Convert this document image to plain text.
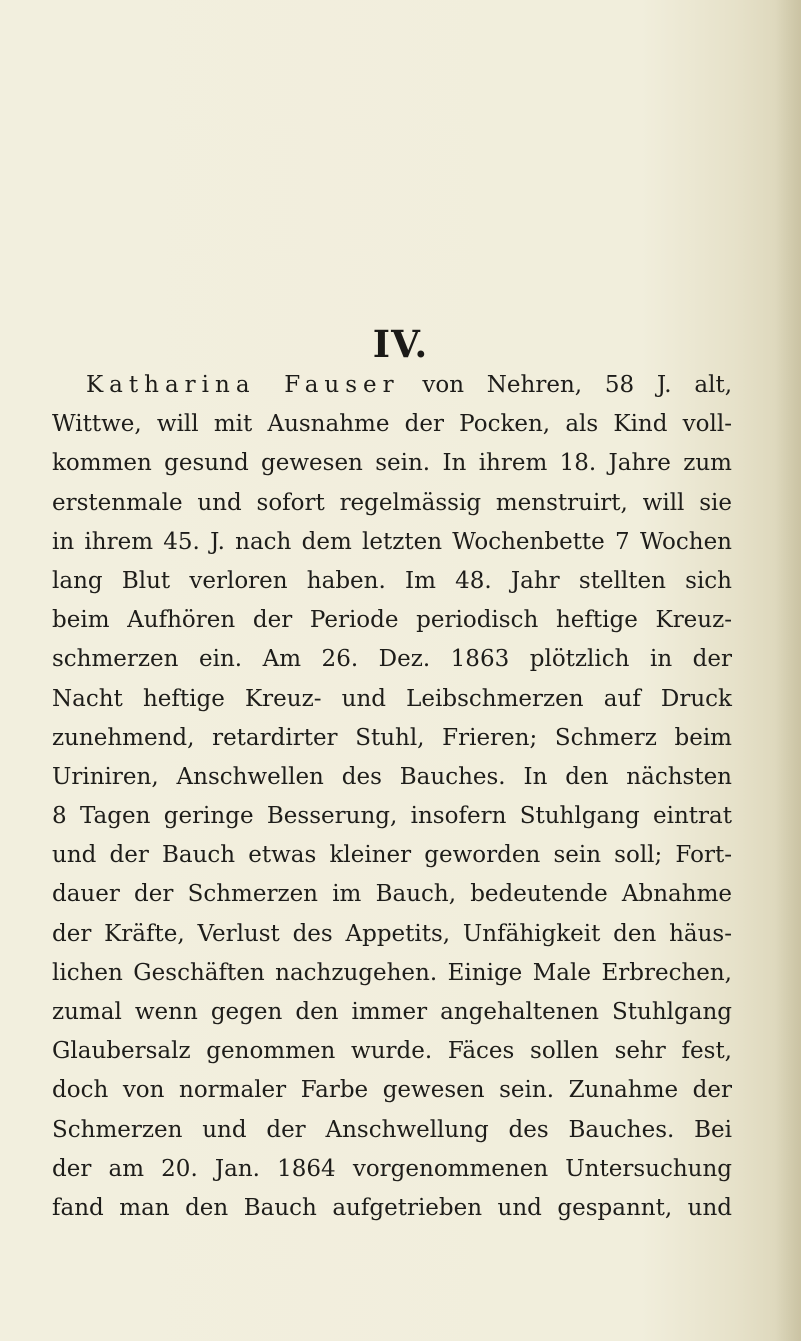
IV.
Katharina Fauser von Nehren, 58 J. alt,
Wittwe, will mit Ausnahme der Pocken, als Kind voll-
kommen gesund gewesen sein. In ihrem 18. Jahre zum
erstenmale und sofort regelmässig menstruirt, will sie
in ihrem 45. J. nach dem letzten Wochenbette 7 Wochen
lang Blut verloren haben. Im 48. Jahr stellten sich
beim Aufhören der Periode periodisch heftige Kreuz-
schmerzen ein. Am 26. Dez. 1863 plötzlich in der
Nacht heftige Kreuz- und Leibschmerzen auf Druck
zunehmend, retardirter Stuhl, Frieren; Schmerz beim
Uriniren, Anschwellen des Bauches. In den nächsten
8 Tagen geringe Besserung, insofern Stuhlgang eintrat
und der Bauch etwas kleiner geworden sein soll; Fort-
dauer der Schmerzen im Bauch, bedeutende Abnahme
der Kräfte, Verlust des Appetits, Unfähigkeit den häus-
lichen Geschäften nachzugehen. Einige Male Erbrechen,
zumal wenn gegen den immer angehaltenen Stuhlgang
Glaubersalz genommen wurde. Fäces sollen sehr fest,
doch von normaler Farbe gewesen sein. Zunahme der
Schmerzen und der Anschwellung des Bauches. Bei
der am 20. Jan. 1864 vorgenommenen Untersuchung
fand man den Bauch aufgetrieben und gespannt, und
